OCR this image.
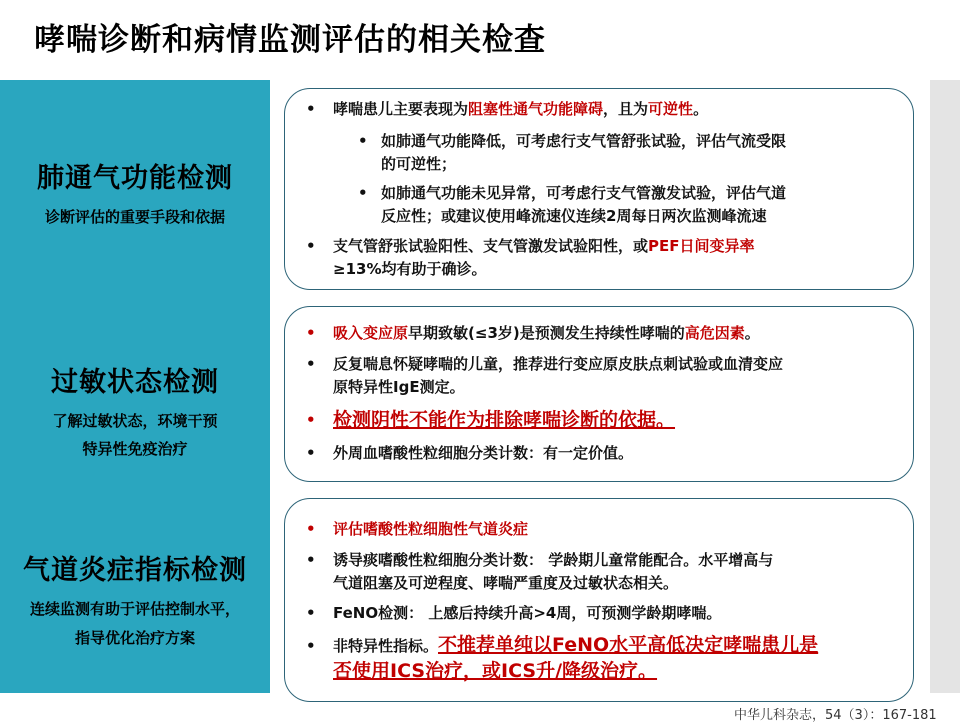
哮喘诊断和病情监测评估的相关检查
肺通气功能检测
诊断评估的重要手段和依据
过敏状态检测
了解过敏状态，环境干预
特异性免疫治疗
气道炎症指标检测
连续监测有助于评估控制水平，
指导优化治疗方案
• 哮喘患儿主要表现为阻塞性通气功能障碍，且为可逆性。
• 如肺通气功能降低，可考虑行支气管舒张试验，评估气流受限
的可逆性；
• 如肺通气功能未见异常，可考虑行支气管激发试验，评估气道
反应性；或建议使用峰流速仪连续2周每日两次监测峰流速
• 支气管舒张试验阳性、支气管激发试验阳性，或PEF日间变异率
≥13%均有助于确诊。
• 吸入变应原早期致敏(≤3岁)是预测发生持续性哮喘的高危因素。
• 反复喘息怀疑哮喘的儿童，推荐进行变应原皮肤点刺试验或血清变应
原特异性IgE测定。
• 检测阴性不能作为排除哮喘诊断的依据。
• 外周血嗜酸性粒细胞分类计数：有一定价值。
• 评估嗜酸性粒细胞性气道炎症
• 诱导痰嗜酸性粒细胞分类计数： 学龄期儿童常能配合。水平增高与
气道阻塞及可逆程度、哮喘严重度及过敏状态相关。
• FeNO检测： 上感后持续升高>4周，可预测学龄期哮喘。
• 非特异性指标。不推荐单纯以FeNO水平高低决定哮喘患儿是
否使用ICS治疗，或ICS升/降级治疗。
中华儿科杂志，54（3）：167-181
